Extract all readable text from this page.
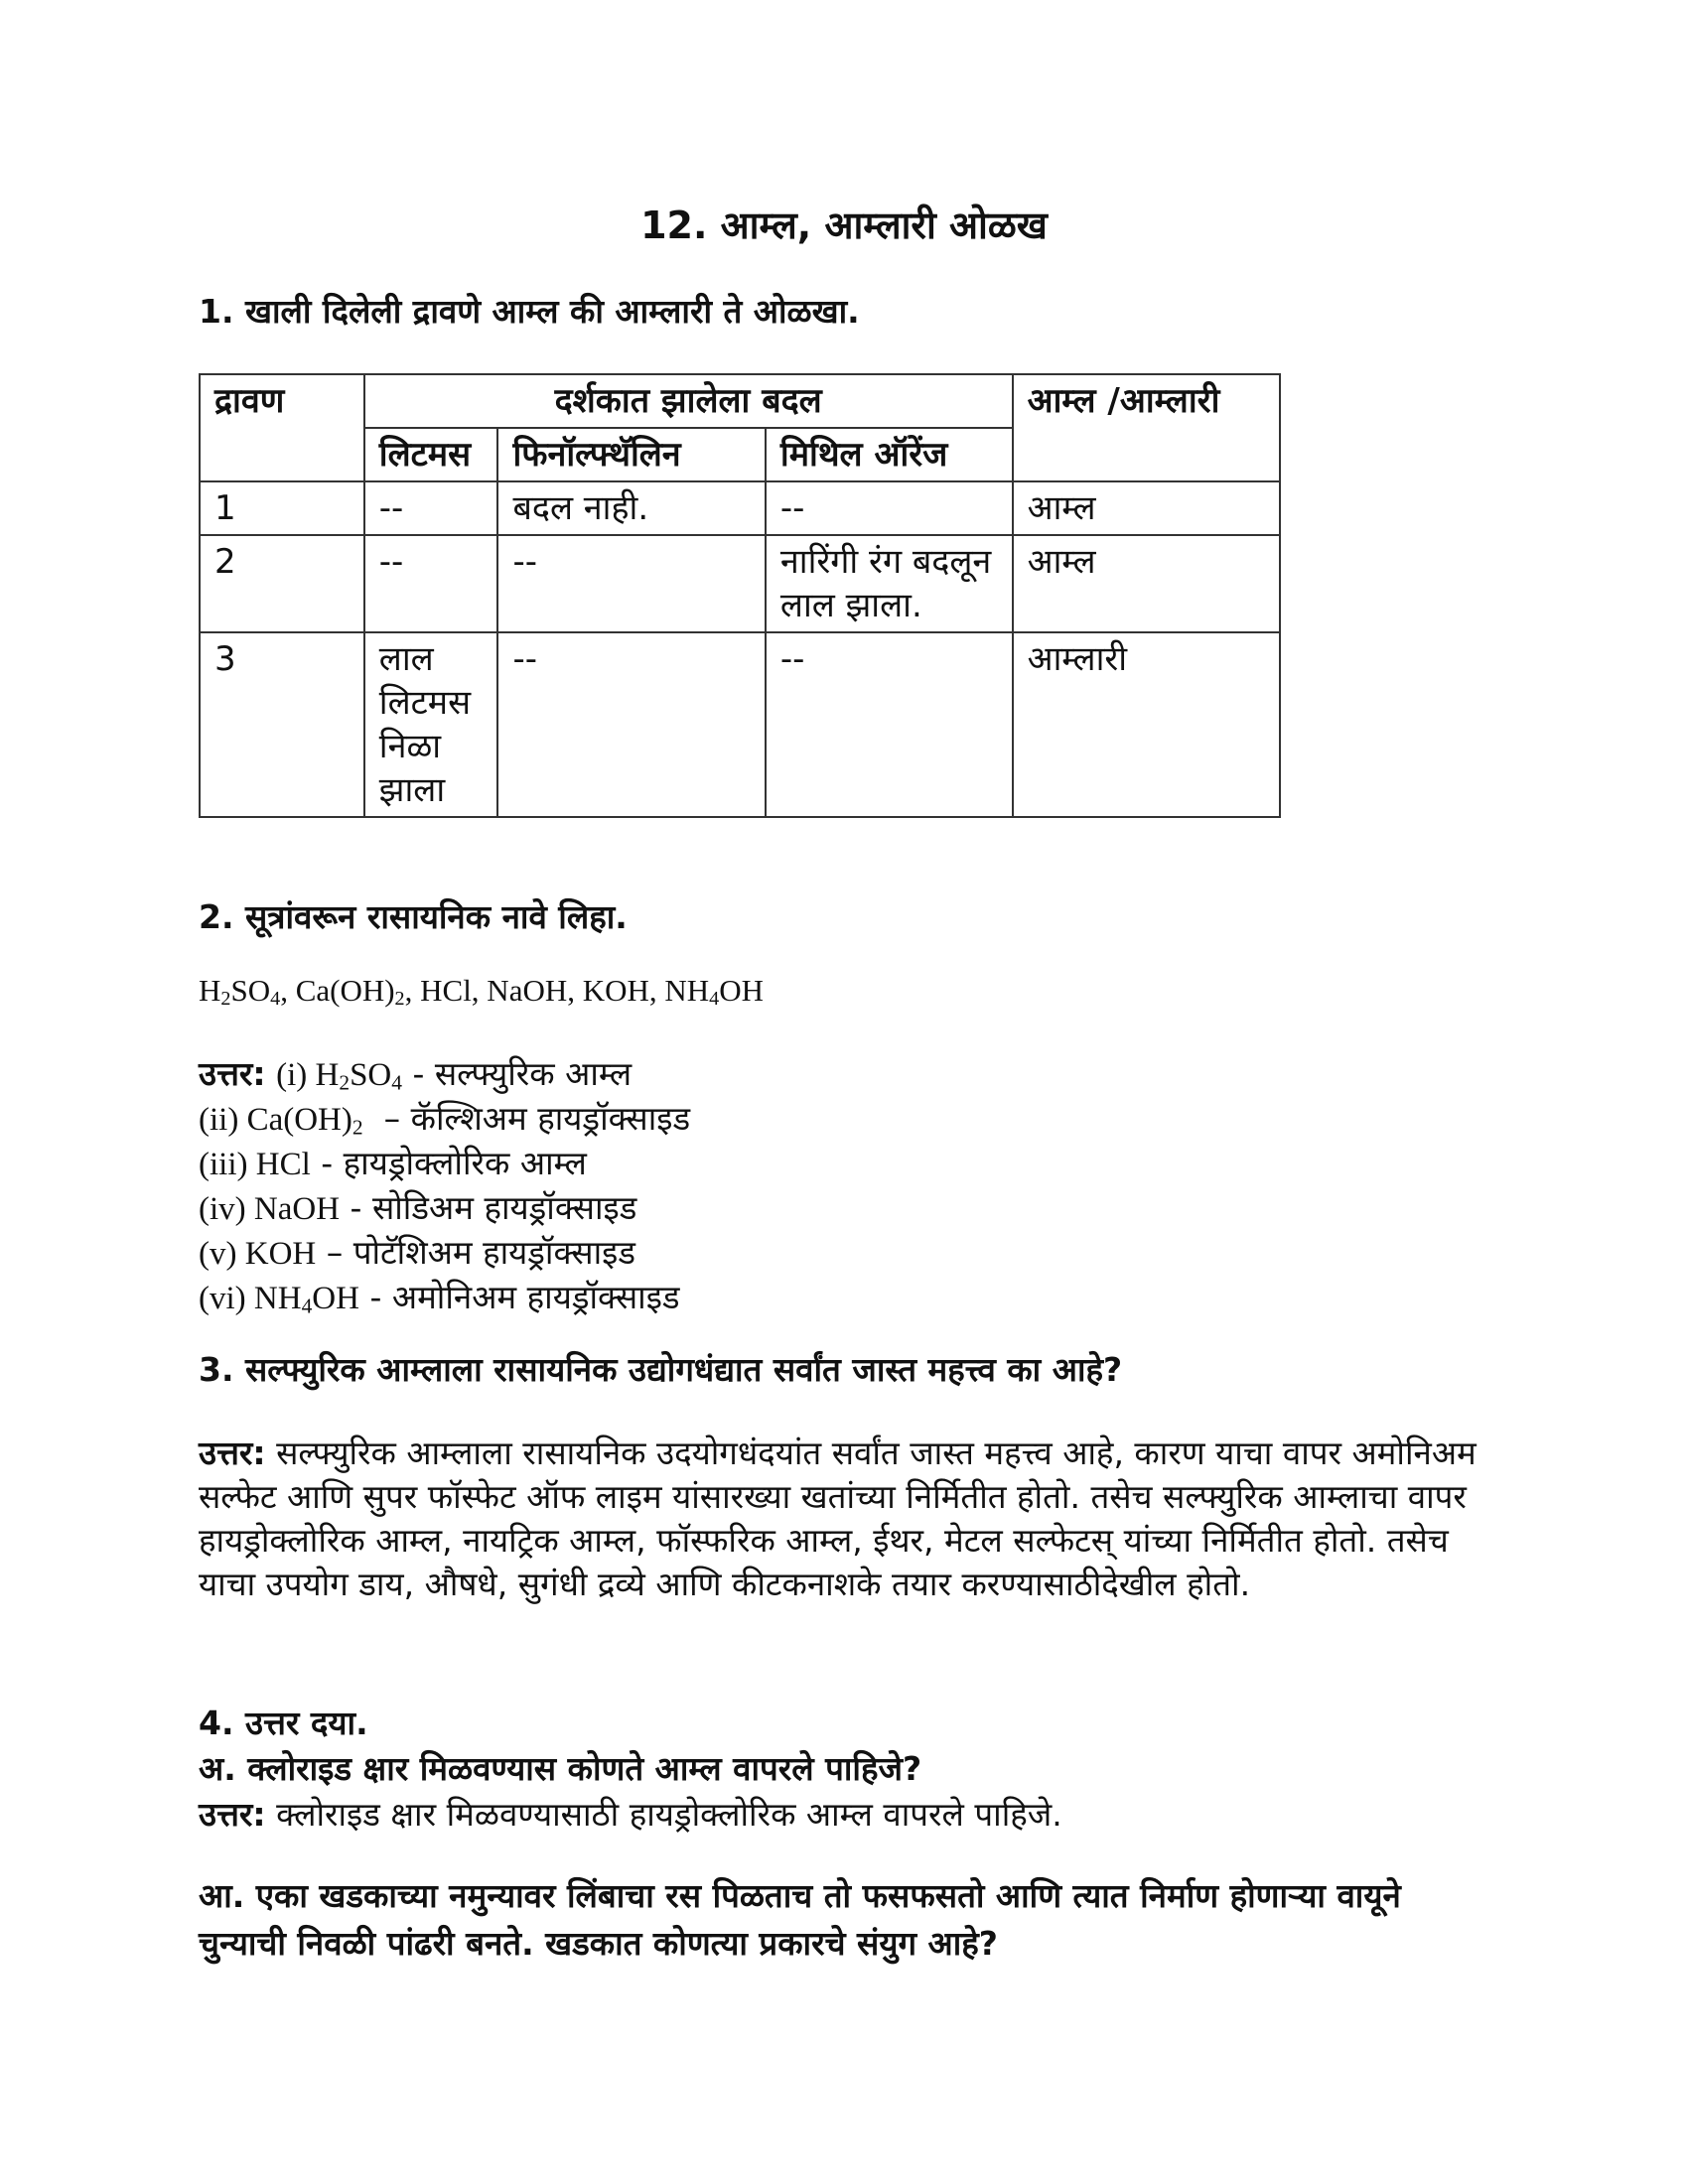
12. आम्ल, आम्लारी ओळख
1. खाली दिलेली द्रावणे आम्ल की आम्लारी ते ओळखा.
द्रावण	दर्शकात झालेला बदल			आम्ल /आम्लारी
	लिटमस	फिनॉल्फ्थॅलिन	मिथिल ऑरेंज	
1	--	बदल नाही.	--	आम्ल
2	--	--	नारिंगी रंग बदलून लाल झाला.	आम्ल
3	लाल लिटमस निळा झाला	--	--	आम्लारी
2. सूत्रांवरून रासायनिक नावे लिहा.
$H_2SO_4$, $Ca(OH)_2$, HCl, NaOH, KOH, $NH_4OH$
उत्तर: (i) $H_2SO_4$ - सल्फ्युरिक आम्ल
(ii) $Ca(OH)_2$  – कॅल्शिअम हायड्रॉक्साइड
(iii) HCl - हायड्रोक्लोरिक आम्ल
(iv) NaOH - सोडिअम हायड्रॉक्साइड
(v) KOH – पोटॅशिअम हायड्रॉक्साइड
(vi) $NH_4OH$ - अमोनिअम हायड्रॉक्साइड
3. सल्फ्युरिक आम्लाला रासायनिक उद्योगधंद्यात सर्वांत जास्त महत्त्व का आहे?
उत्तर: सल्फ्युरिक आम्लाला रासायनिक उदयोगधंदयांत सर्वांत जास्त महत्त्व आहे, कारण याचा वापर अमोनिअम सल्फेट आणि सुपर फॉस्फेट ऑफ लाइम यांसारख्या खतांच्या निर्मितीत होतो. तसेच सल्फ्युरिक आम्लाचा वापर हायड्रोक्लोरिक आम्ल, नायट्रिक आम्ल, फॉस्फरिक आम्ल, ईथर, मेटल सल्फेटस् यांच्या निर्मितीत होतो. तसेच याचा उपयोग डाय, औषधे, सुगंधी द्रव्ये आणि कीटकनाशके तयार करण्यासाठीदेखील होतो.
4. उत्तर दया.
अ. क्लोराइड क्षार मिळवण्यास कोणते आम्ल वापरले पाहिजे?
उत्तर: क्लोराइड क्षार मिळवण्यासाठी हायड्रोक्लोरिक आम्ल वापरले पाहिजे.
आ. एका खडकाच्या नमुन्यावर लिंबाचा रस पिळताच तो फसफसतो आणि त्यात निर्माण होणाऱ्या वायूने चुन्याची निवळी पांढरी बनते. खडकात कोणत्या प्रकारचे संयुग आहे?
